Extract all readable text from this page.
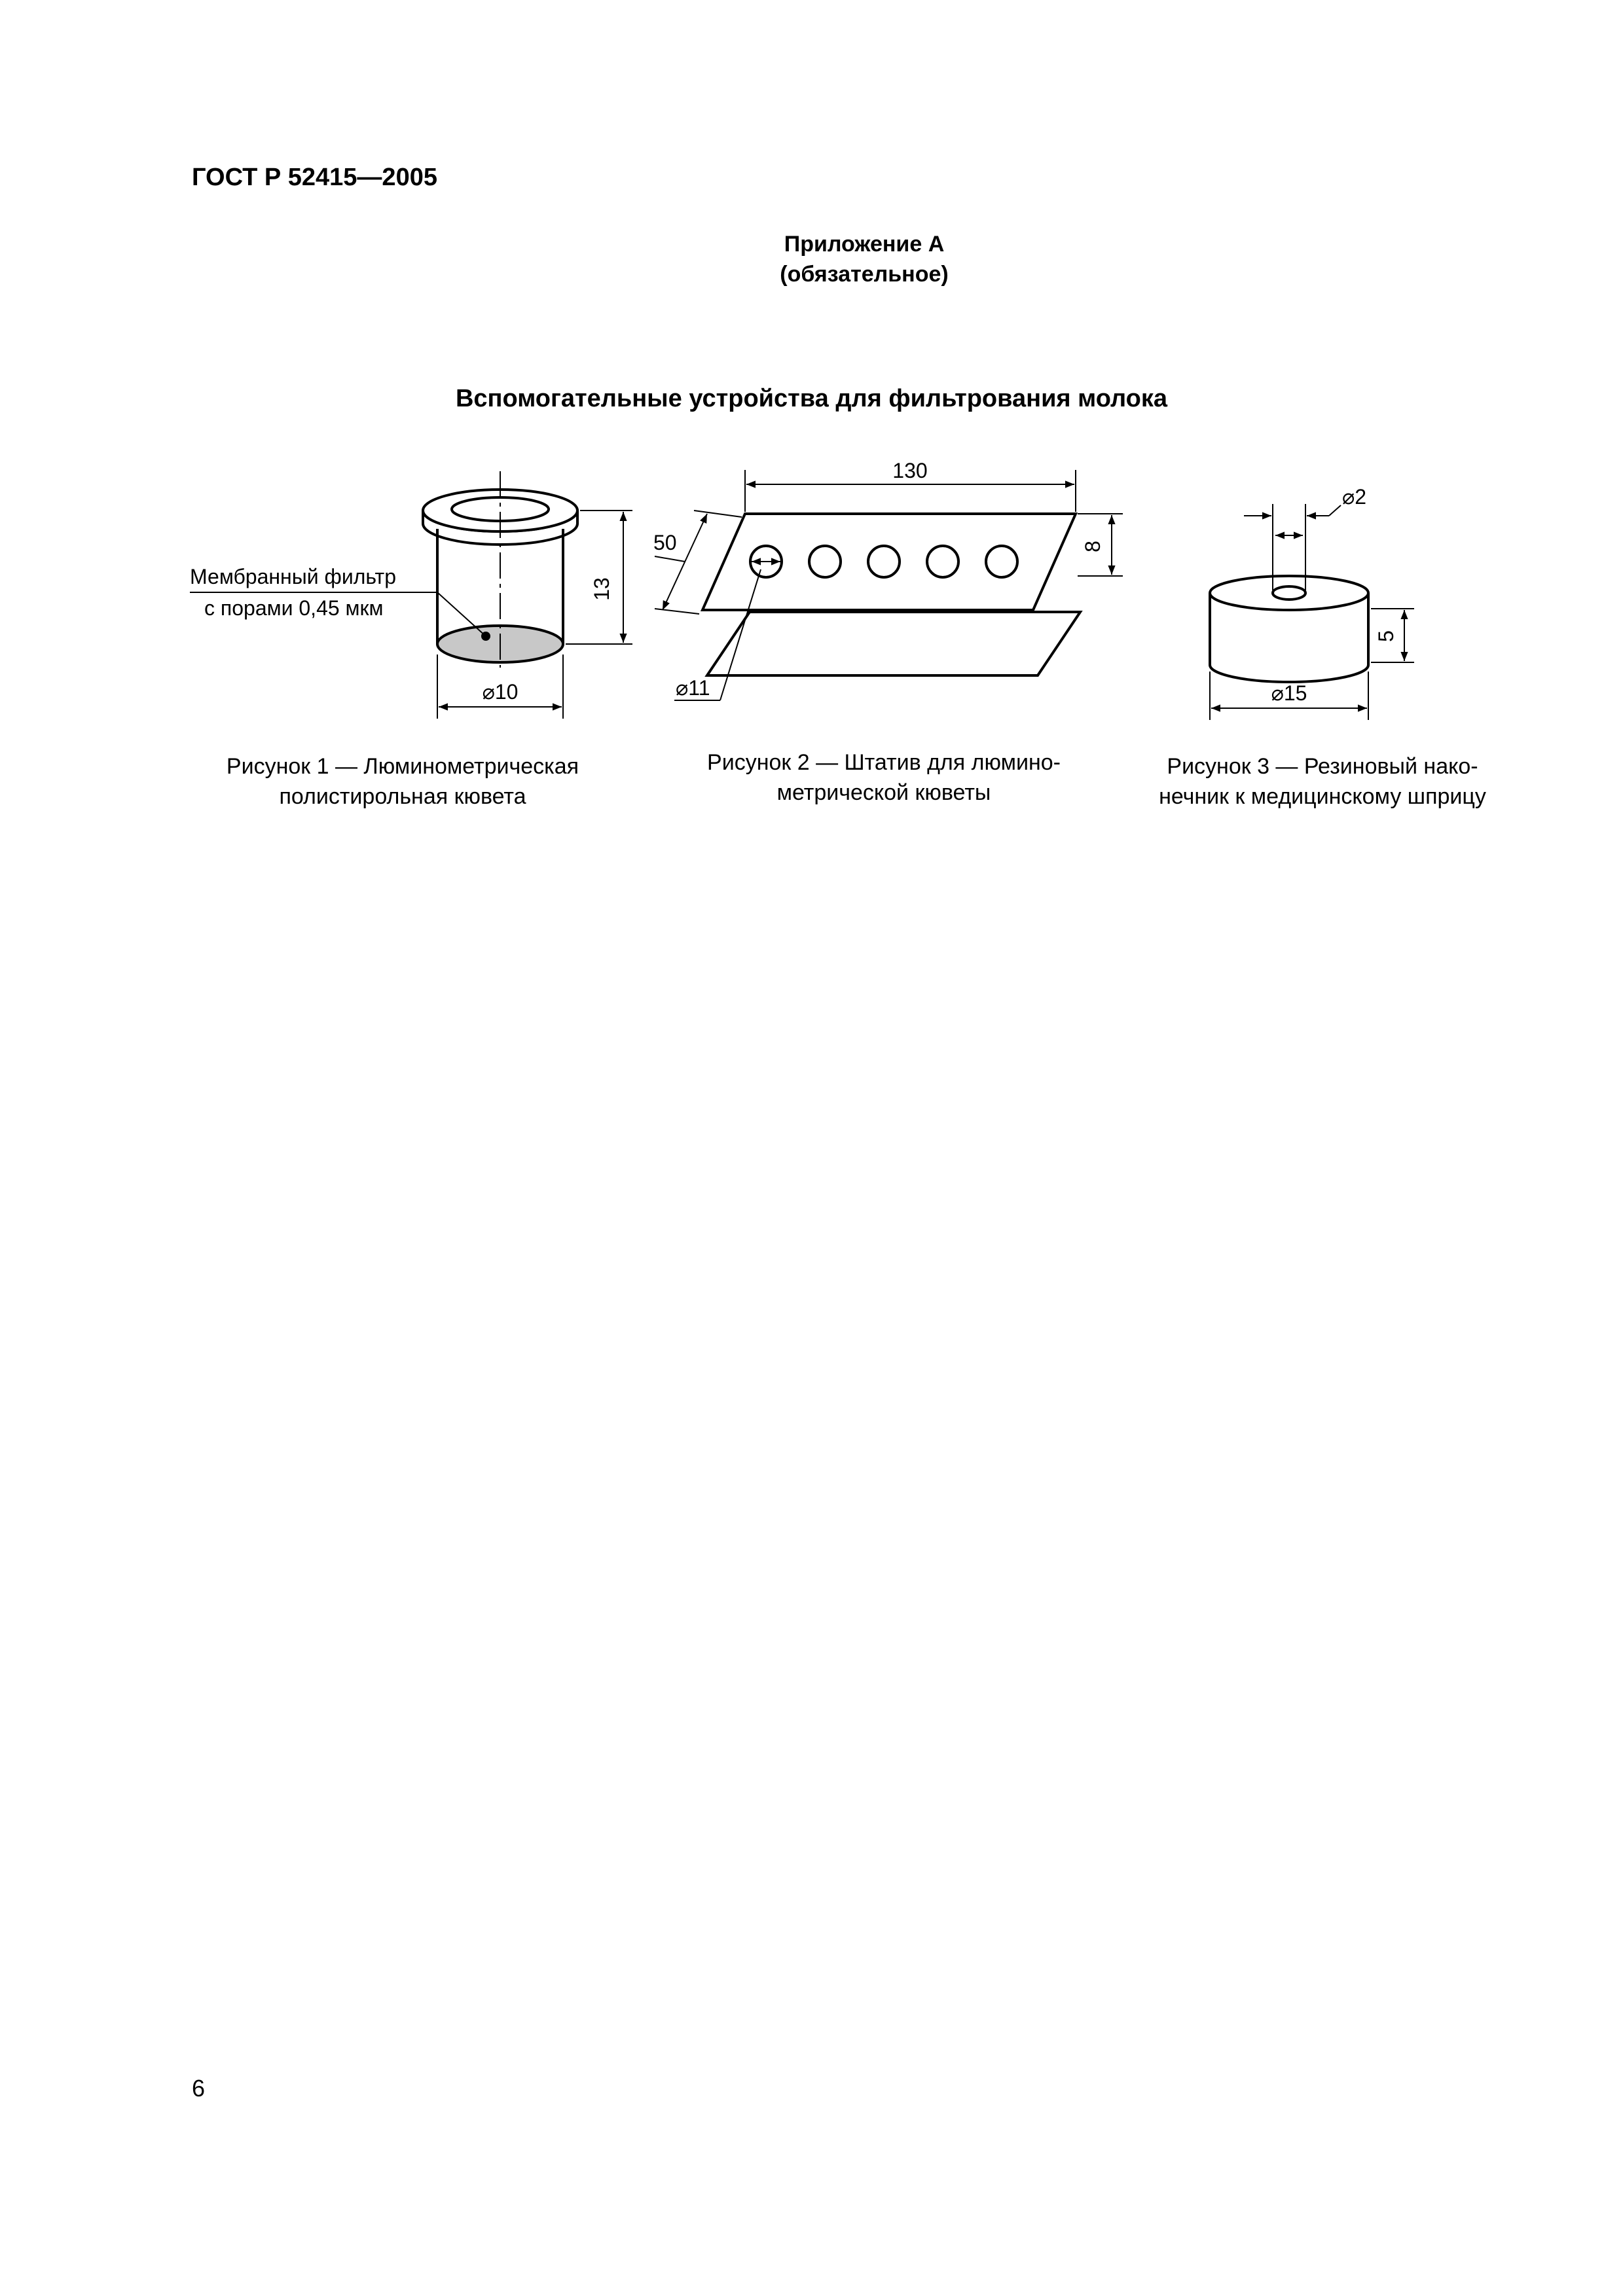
ГОСТ Р 52415—2005
Приложение А
(обязательное)
Вспомогательные устройства для фильтрования молока
Мембранный фильтр
с порами 0,45 мкм
13
⌀10
130
8
50
⌀11
⌀2
5
⌀15
Рисунок 1 — Люминометрическая
полистирольная кювета
Рисунок 2 — Штатив для люмино-
метрической кюветы
Рисунок 3 — Резиновый нако-
нечник к медицинскому шприцу
6
